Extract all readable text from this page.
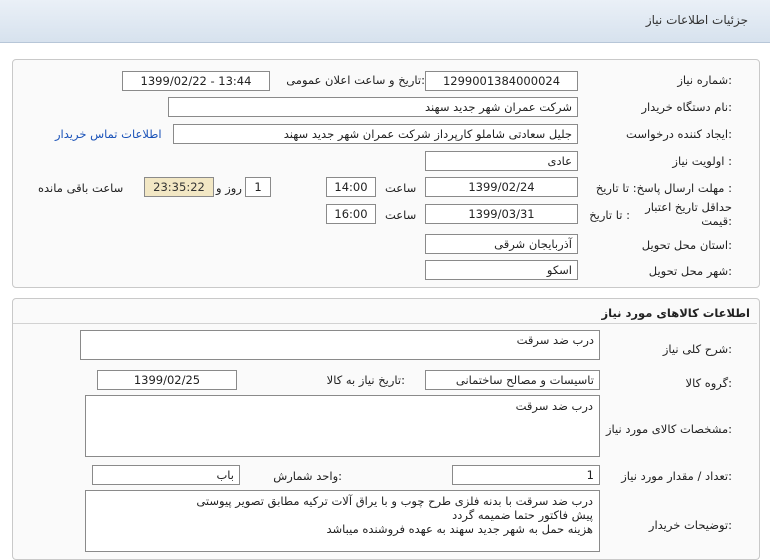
جزئیات اطلاعات نیاز
شماره نیاز:
1299001384000024
تاریخ و ساعت اعلان عمومی:
1399/02/22 - 13:44
نام دستگاه خریدار:
شرکت عمران شهر جدید سهند
ایجاد کننده درخواست:
جلیل سعادتی شاملو کارپرداز شرکت عمران شهر جدید سهند
اطلاعات تماس خریدار
اولویت نیاز :
عادی
مهلت ارسال پاسخ: تا تاریخ :
1399/02/24
ساعت
14:00
1
روز و
23:35:22
ساعت باقی مانده
حداقل تاریخ اعتبار قیمت:
تا تاریخ :
1399/03/31
ساعت
16:00
استان محل تحویل:
آذربایجان شرقی
شهر محل تحویل:
اسکو
اطلاعات کالاهای مورد نیاز
شرح کلی نیاز:
درب ضد سرقت
گروه کالا:
تاسیسات و مصالح ساختمانی
تاریخ نیاز به کالا:
1399/02/25
مشخصات کالای مورد نیاز:
درب ضد سرقت
تعداد / مقدار مورد نیاز:
1
واحد شمارش:
باب
توضیحات خریدار:
درب ضد سرقت با بدنه فلزی طرح چوب و با یراق آلات ترکیه مطابق تصویر پیوستی
پیش فاکتور حتما ضمیمه گردد
هزینه حمل به شهر جدید سهند به عهده فروشنده میباشد
